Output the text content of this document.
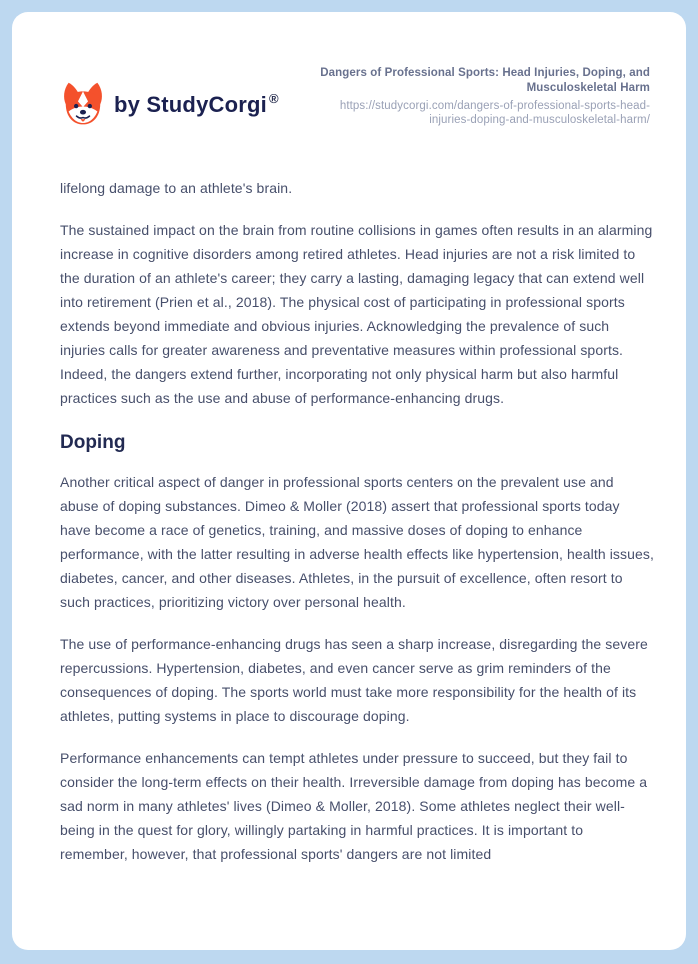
by StudyCorgi ®
Dangers of Professional Sports: Head Injuries, Doping, and Musculoskeletal Harm
https://studycorgi.com/dangers-of-professional-sports-head-injuries-doping-and-musculoskeletal-harm/

lifelong damage to an athlete's brain.

The sustained impact on the brain from routine collisions in games often results in an alarming increase in cognitive disorders among retired athletes. Head injuries are not a risk limited to the duration of an athlete's career; they carry a lasting, damaging legacy that can extend well into retirement (Prien et al., 2018). The physical cost of participating in professional sports extends beyond immediate and obvious injuries. Acknowledging the prevalence of such injuries calls for greater awareness and preventative measures within professional sports. Indeed, the dangers extend further, incorporating not only physical harm but also harmful practices such as the use and abuse of performance-enhancing drugs.

Doping

Another critical aspect of danger in professional sports centers on the prevalent use and abuse of doping substances. Dimeo & Moller (2018) assert that professional sports today have become a race of genetics, training, and massive doses of doping to enhance performance, with the latter resulting in adverse health effects like hypertension, health issues, diabetes, cancer, and other diseases. Athletes, in the pursuit of excellence, often resort to such practices, prioritizing victory over personal health.

The use of performance-enhancing drugs has seen a sharp increase, disregarding the severe repercussions. Hypertension, diabetes, and even cancer serve as grim reminders of the consequences of doping. The sports world must take more responsibility for the health of its athletes, putting systems in place to discourage doping.

Performance enhancements can tempt athletes under pressure to succeed, but they fail to consider the long-term effects on their health. Irreversible damage from doping has become a sad norm in many athletes' lives (Dimeo & Moller, 2018). Some athletes neglect their well-being in the quest for glory, willingly partaking in harmful practices. It is important to remember, however, that professional sports' dangers are not limited
